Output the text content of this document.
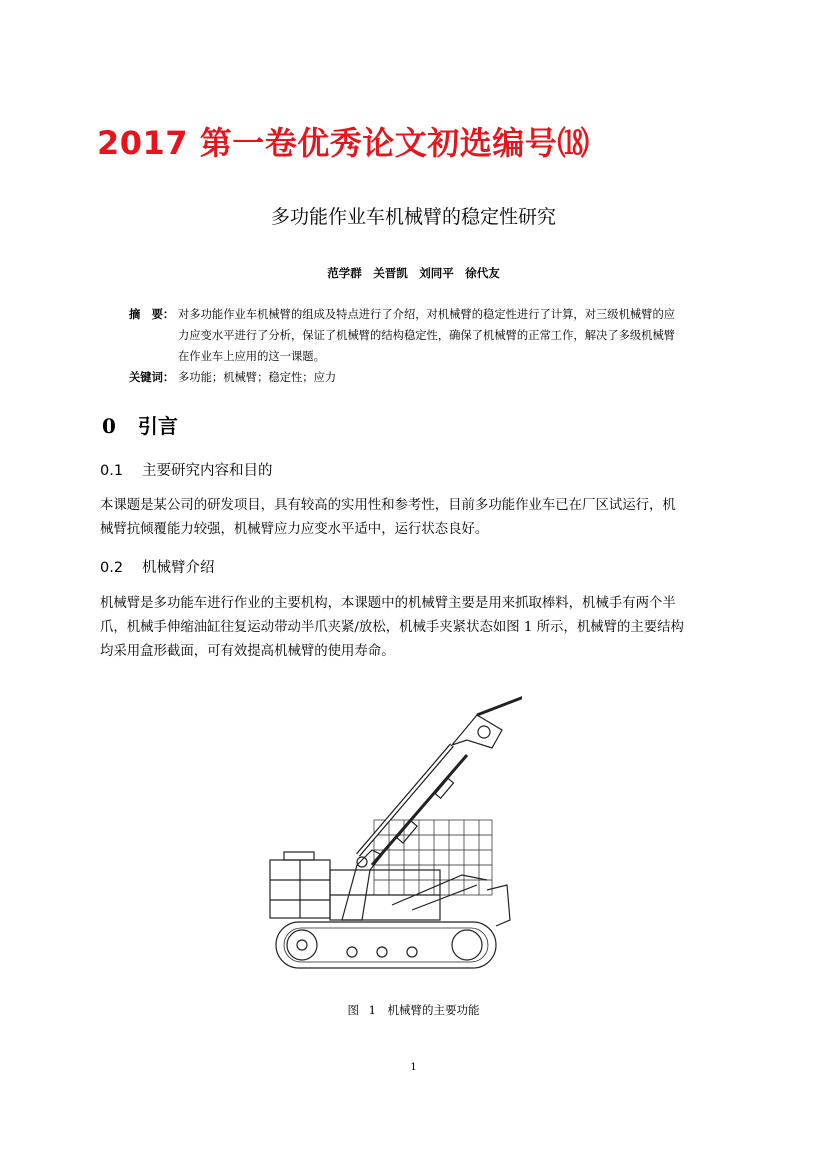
2017 第一卷优秀论文初选编号⒅
多功能作业车机械臂的稳定性研究
范学群　关晋凯　刘同平　徐代友
摘　要： 对多功能作业车机械臂的组成及特点进行了介绍，对机械臂的稳定性进行了计算，对三级机械臂的应
力应变水平进行了分析，保证了机械臂的结构稳定性，确保了机械臂的正常工作，解决了多级机械臂
在作业车上应用的这一课题。
关键词： 多功能；机械臂；稳定性；应力
0 引言
0.1 主要研究内容和目的
本课题是某公司的研发项目，具有较高的实用性和参考性，目前多功能作业车已在厂区试运行，机
械臂抗倾覆能力较强，机械臂应力应变水平适中，运行状态良好。
0.2 机械臂介绍
机械臂是多功能车进行作业的主要机构，本课题中的机械臂主要是用来抓取棒料，机械手有两个半
爪，机械手伸缩油缸往复运动带动半爪夹紧/放松，机械手夹紧状态如图 1 所示，机械臂的主要结构
均采用盒形截面，可有效提高机械臂的使用寿命。
图 1　机械臂的主要功能
1
